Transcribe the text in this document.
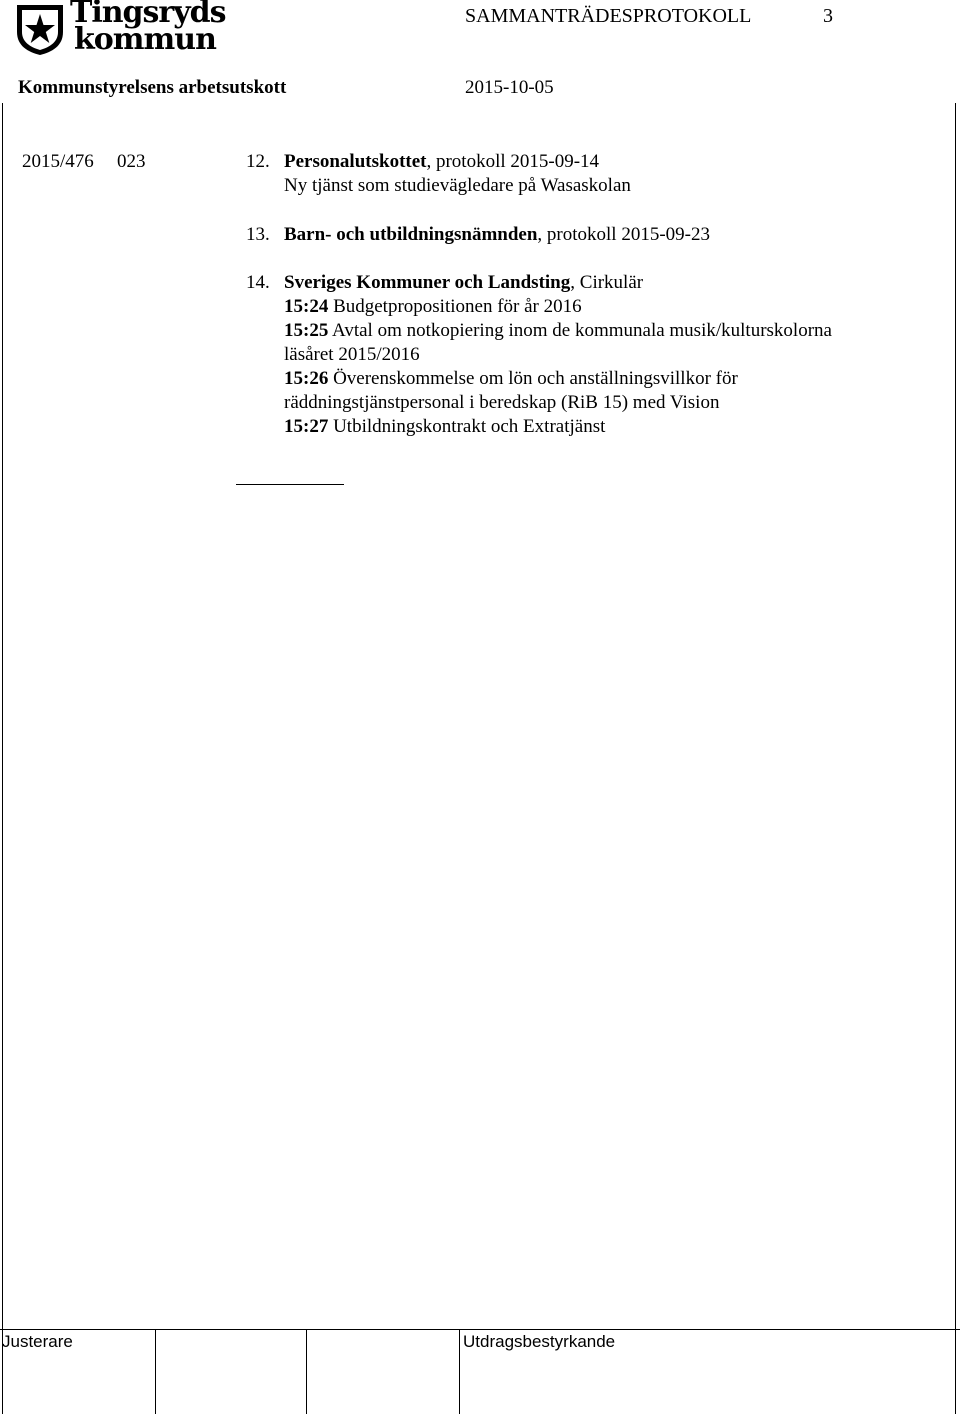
Tingsryds
kommun
SAMMANTRÄDESPROTOKOLL	3
Kommunstyrelsens arbetsutskott	2015-10-05
2015/476 023	12. Personalutskottet, protokoll 2015-09-14
Ny tjänst som studievägledare på Wasaskolan
13. Barn- och utbildningsnämnden, protokoll 2015-09-23
14. Sveriges Kommuner och Landsting, Cirkulär
15:24 Budgetpropositionen för år 2016
15:25 Avtal om notkopiering inom de kommunala musik/kulturskolorna
läsåret 2015/2016
15:26 Överenskommelse om lön och anställningsvillkor för
räddningstjänstpersonal i beredskap (RiB 15) med Vision
15:27 Utbildningskontrakt och Extratjänst
Justerare	Utdragsbestyrkande
